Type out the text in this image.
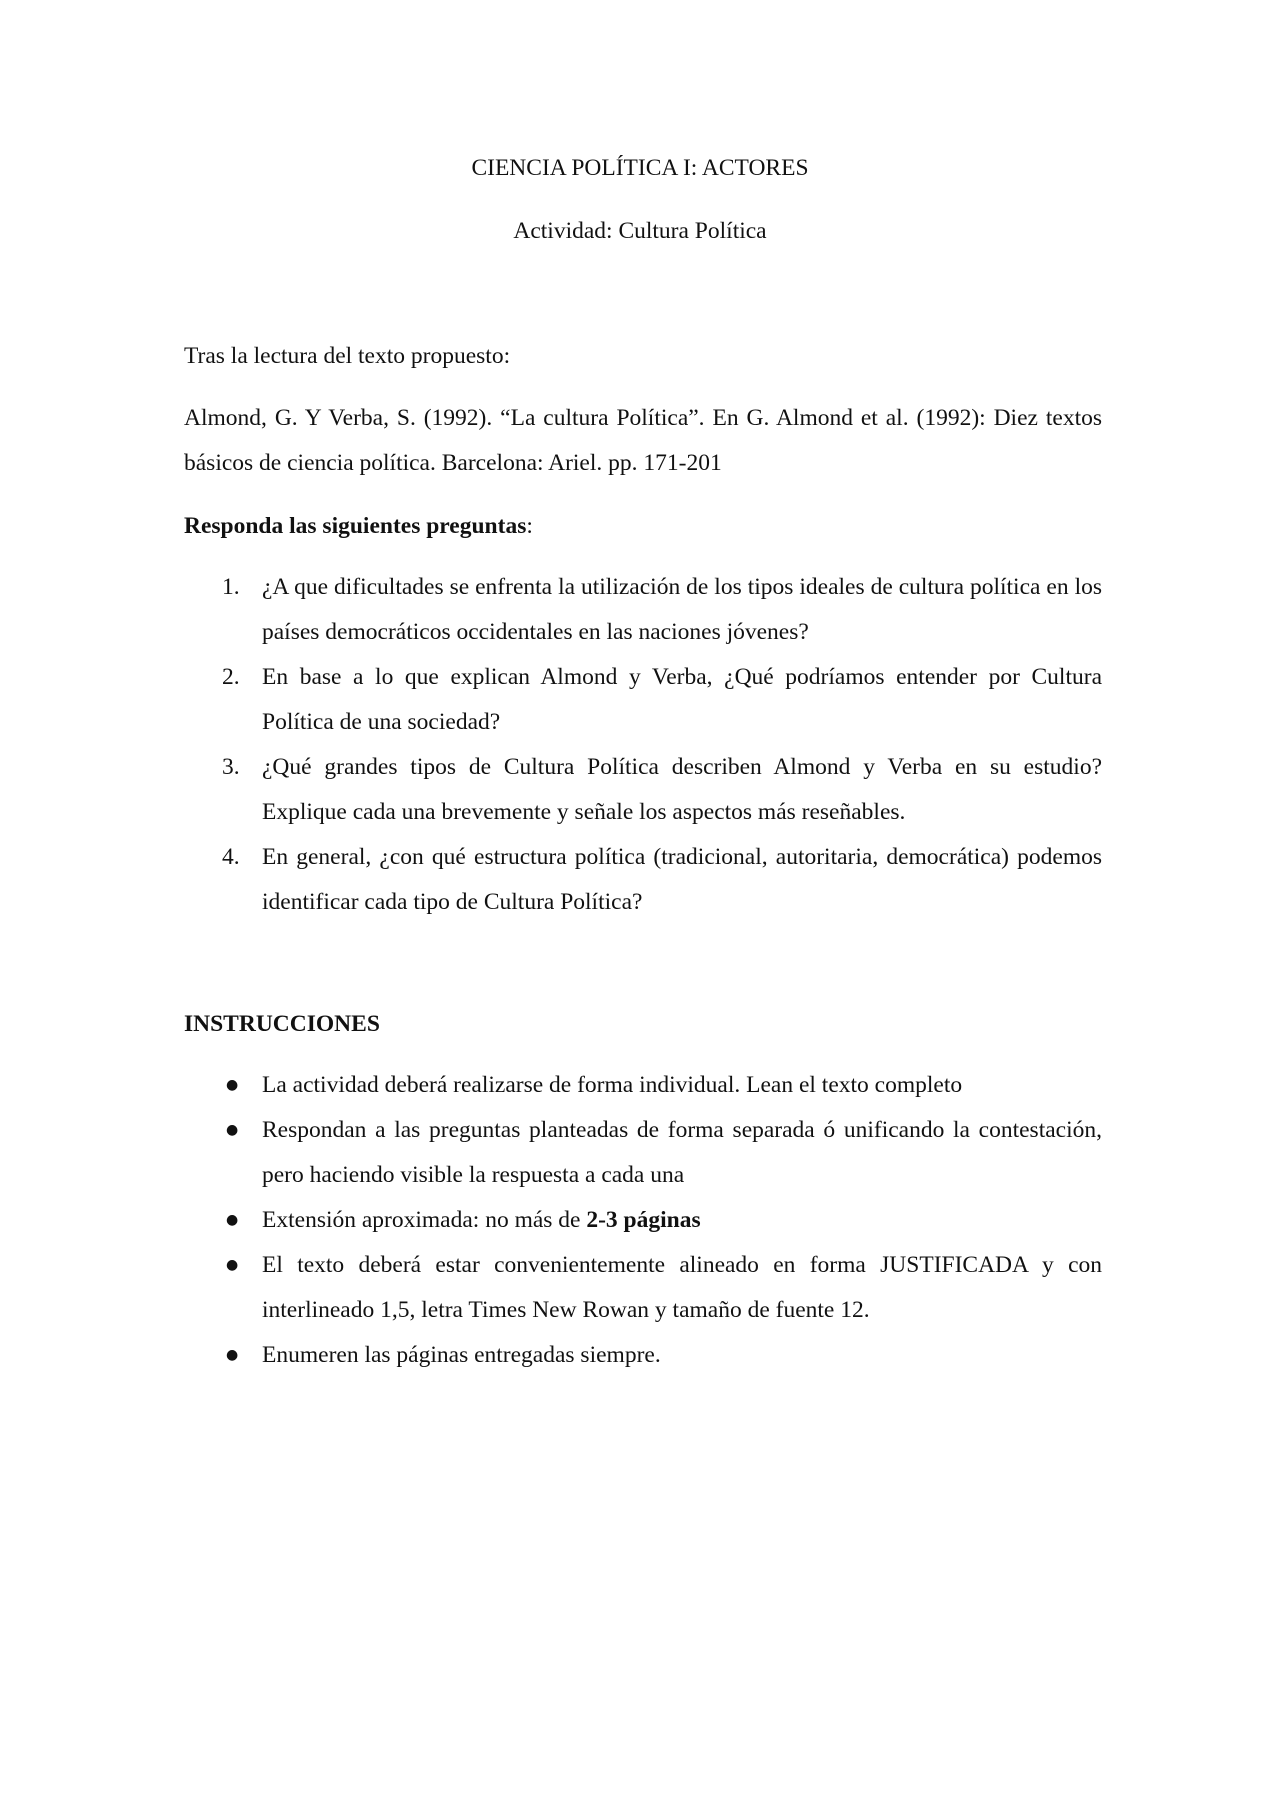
CIENCIA POLÍTICA I: ACTORES
Actividad: Cultura Política

Tras la lectura del texto propuesto:

Almond, G. Y Verba, S. (1992). “La cultura Política”. En G. Almond et al. (1992): Diez textos básicos de ciencia política. Barcelona: Ariel. pp. 171-201

Responda las siguientes preguntas:

1. ¿A que dificultades se enfrenta la utilización de los tipos ideales de cultura política en los países democráticos occidentales en las naciones jóvenes?
2. En base a lo que explican Almond y Verba, ¿Qué podríamos entender por Cultura Política de una sociedad?
3. ¿Qué grandes tipos de Cultura Política describen Almond y Verba en su estudio? Explique cada una brevemente y señale los aspectos más reseñables.
4. En general, ¿con qué estructura política (tradicional, autoritaria, democrática) podemos identificar cada tipo de Cultura Política?
INSTRUCCIONES
●	La actividad deberá realizarse de forma individual. Lean el texto completo
●	Respondan a las preguntas planteadas de forma separada ó unificando la contestación, pero haciendo visible la respuesta a cada una
●	Extensión aproximada: no más de 2-3 páginas
●	El texto deberá estar convenientemente alineado en forma JUSTIFICADA y con interlineado 1,5, letra Times New Rowan y tamaño de fuente 12.
●	Enumeren las páginas entregadas siempre.
